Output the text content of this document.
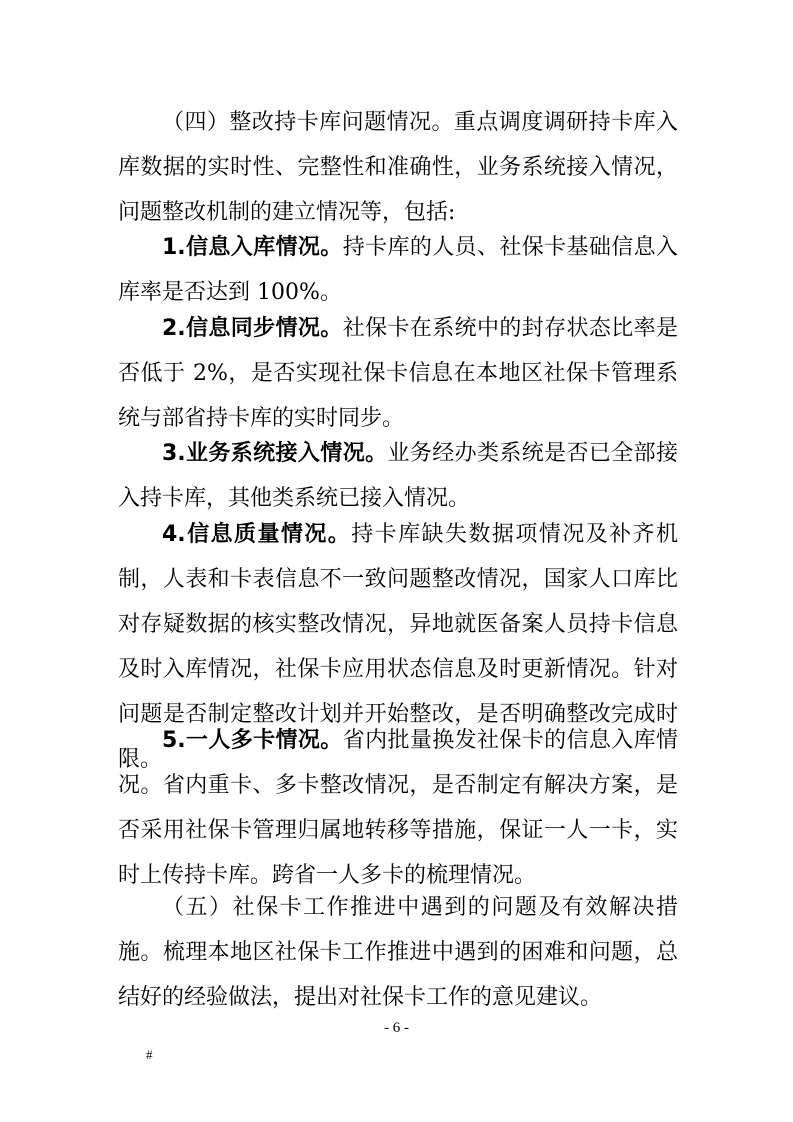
（四）整改持卡库问题情况。重点调度调研持卡库入库数据的实时性、完整性和准确性，业务系统接入情况，问题整改机制的建立情况等，包括:

1.信息入库情况。持卡库的人员、社保卡基础信息入库率是否达到 100%。

2.信息同步情况。社保卡在系统中的封存状态比率是否低于 2%，是否实现社保卡信息在本地区社保卡管理系统与部省持卡库的实时同步。

3.业务系统接入情况。业务经办类系统是否已全部接入持卡库，其他类系统已接入情况。

4.信息质量情况。持卡库缺失数据项情况及补齐机制，人表和卡表信息不一致问题整改情况，国家人口库比对存疑数据的核实整改情况，异地就医备案人员持卡信息及时入库情况，社保卡应用状态信息及时更新情况。针对问题是否制定整改计划并开始整改，是否明确整改完成时限。

5.一人多卡情况。省内批量换发社保卡的信息入库情况。省内重卡、多卡整改情况，是否制定有解决方案，是否采用社保卡管理归属地转移等措施，保证一人一卡，实时上传持卡库。跨省一人多卡的梳理情况。

（五）社保卡工作推进中遇到的问题及有效解决措施。梳理本地区社保卡工作推进中遇到的困难和问题，总结好的经验做法，提出对社保卡工作的意见建议。

- 6 -
#
